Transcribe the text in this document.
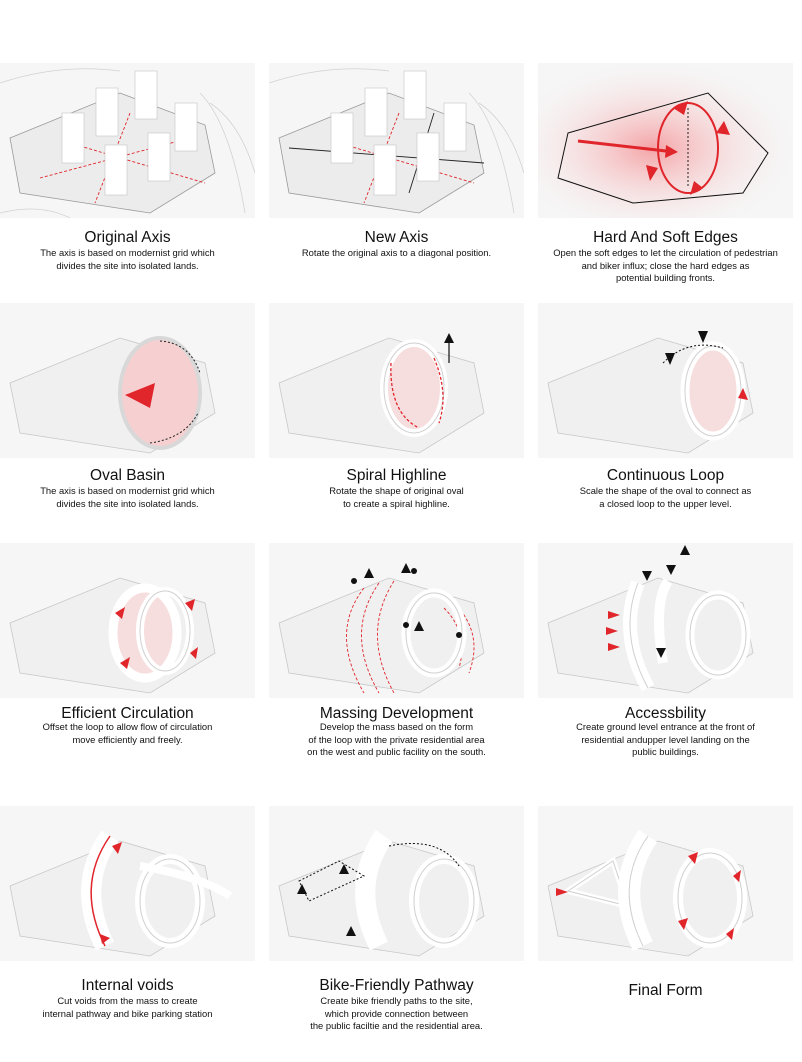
Original Axis
The axis is based on modernist grid which
divides the site into isolated lands.
New Axis
Rotate the original axis to a diagonal position.
Hard And Soft Edges
Open the soft edges to let the circulation of pedestrian
and biker influx; close the hard edges as
potential building fronts.
Oval Basin
The axis is based on modernist grid which
divides the site into isolated lands.
Spiral Highline
Rotate the shape of original oval
to create a spiral highline.
Continuous Loop
Scale the shape of the oval to connect as
a closed loop to the upper level.
Efficient Circulation
Offset the loop to allow flow of circulation
move efficiently and freely.
Massing Development
Develop the mass based on the form
of the loop with the private residential area
on the west and public facility on the south.
Accessbility
Create ground level entrance at the front of
residential andupper level landing on the
public buildings.
Internal voids
Cut voids from the mass to create
internal pathway and bike parking station
Bike-Friendly Pathway
Create bike friendly paths to the site,
which provide connection between
the public faciltie and the residential area.
Final Form
